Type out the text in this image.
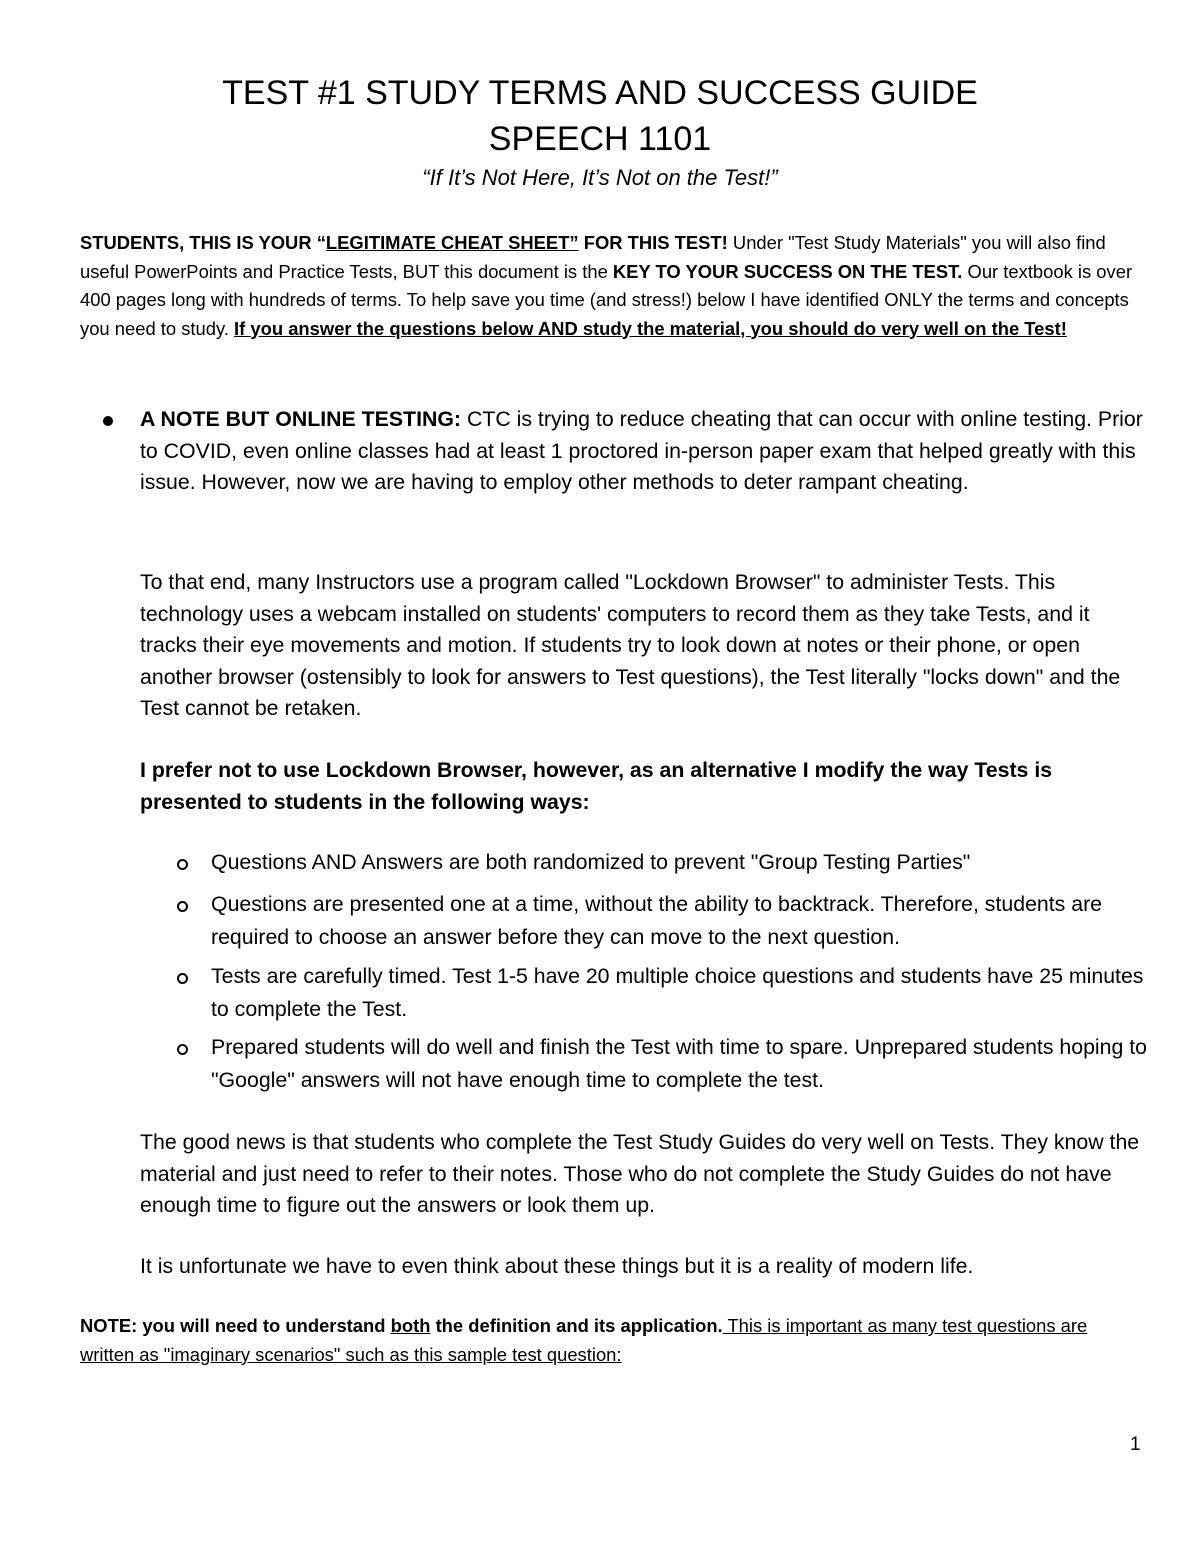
TEST #1 STUDY TERMS AND SUCCESS GUIDE
SPEECH 1101
“If It’s Not Here, It’s Not on the Test!”

STUDENTS, THIS IS YOUR “LEGITIMATE CHEAT SHEET” FOR THIS TEST! Under "Test Study Materials" you will also find useful PowerPoints and Practice Tests, BUT this document is the KEY TO YOUR SUCCESS ON THE TEST. Our textbook is over 400 pages long with hundreds of terms. To help save you time (and stress!) below I have identified ONLY the terms and concepts you need to study. If you answer the questions below AND study the material, you should do very well on the Test!

A NOTE BUT ONLINE TESTING: CTC is trying to reduce cheating that can occur with online testing. Prior to COVID, even online classes had at least 1 proctored in-person paper exam that helped greatly with this issue. However, now we are having to employ other methods to deter rampant cheating.

To that end, many Instructors use a program called "Lockdown Browser" to administer Tests. This technology uses a webcam installed on students' computers to record them as they take Tests, and it tracks their eye movements and motion. If students try to look down at notes or their phone, or open another browser (ostensibly to look for answers to Test questions), the Test literally "locks down" and the Test cannot be retaken.

I prefer not to use Lockdown Browser, however, as an alternative I modify the way Tests is presented to students in the following ways:

Questions AND Answers are both randomized to prevent "Group Testing Parties"

Questions are presented one at a time, without the ability to backtrack. Therefore, students are required to choose an answer before they can move to the next question.

Tests are carefully timed. Test 1-5 have 20 multiple choice questions and students have 25 minutes to complete the Test.

Prepared students will do well and finish the Test with time to spare. Unprepared students hoping to "Google" answers will not have enough time to complete the test.

The good news is that students who complete the Test Study Guides do very well on Tests. They know the material and just need to refer to their notes. Those who do not complete the Study Guides do not have enough time to figure out the answers or look them up.

It is unfortunate we have to even think about these things but it is a reality of modern life.

NOTE: you will need to understand both the definition and its application. This is important as many test questions are written as "imaginary scenarios" such as this sample test question:

1
